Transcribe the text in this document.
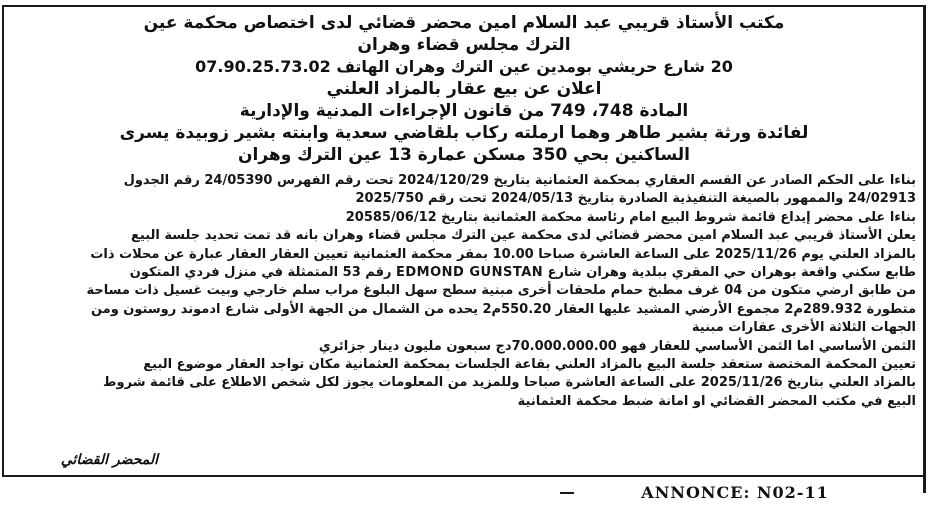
مكتب الأستاذ قريبي عبد السلام امين محضر قضائي لدى اختصاص محكمة عين
الترك مجلس قضاء وهران
20 شارع حريشي بومدين عين الترك وهران الهاتف 07.90.25.73.02
اعلان عن بيع عقار بالمزاد العلني
المادة 748، 749 من قانون الإجراءات المدنية والإدارية
لفائدة ورثة بشير طاهر وهما ارملته ركاب بلقاضي سعدية وابنته بشير زوبيدة يسرى
الساكنين بحي 350 مسكن عمارة 13 عين الترك وهران

بناءا على الحكم الصادر عن القسم العقاري بمحكمة العثمانية بتاريخ 2024/120/29 تحت رقم الفهرس 24/05390 رقم الجدول

24/02913 والممهور بالصيغة التنفيذية الصادرة بتاريخ 2024/05/13 تحت رقم 2025/750

بناءا على محضر إيداع قائمة شروط البيع امام رئاسة محكمة العثمانية بتاريخ 20585/06/12

يعلن الأستاذ قريبي عبد السلام امين محضر قضائي لدى محكمة عين الترك مجلس قضاء وهران بانه قد تمت تحديد جلسة البيع

بالمزاد العلني يوم 2025/11/26 على الساعة العاشرة صباحا 10.00 بمقر محكمة العثمانية تعيين العقار العقار عبارة عن محلات ذات

طابع سكني واقعة بوهران حي المقري ببلدية وهران شارع EDMOND GUNSTAN رقم 53 المتمثلة في منزل فردي المتكون

من طابق ارضي متكون من 04 غرف مطبخ حمام ملحقات أخرى مبنية سطح سهل البلوغ مراب سلم خارجي وبيت غسيل ذات مساحة

متطورة 289.932م2 مجموع الأرضي المشيد عليها العقار 550.20م2 يحده من الشمال من الجهة الأولى شارع ادموند روستون ومن

الجهات الثلاثة الأخرى عقارات مبنية

الثمن الأساسي اما الثمن الأساسي للعقار فهو 70.000.000.00دج سبعون مليون دينار جزائري

تعيين المحكمة المختصة ستعقد جلسة البيع بالمزاد العلني بقاعة الجلسات بمحكمة العثمانية مكان تواجد العقار موضوع البيع

بالمزاد العلني بتاريخ 2025/11/26 على الساعة العاشرة صباحا وللمزيد من المعلومات يجوز لكل شخص الاطلاع على قائمة شروط

البيع في مكتب المحضر القضائي او امانة ضبط محكمة العثمانية

المحضر القضائي
ANNONCE: N02-11
